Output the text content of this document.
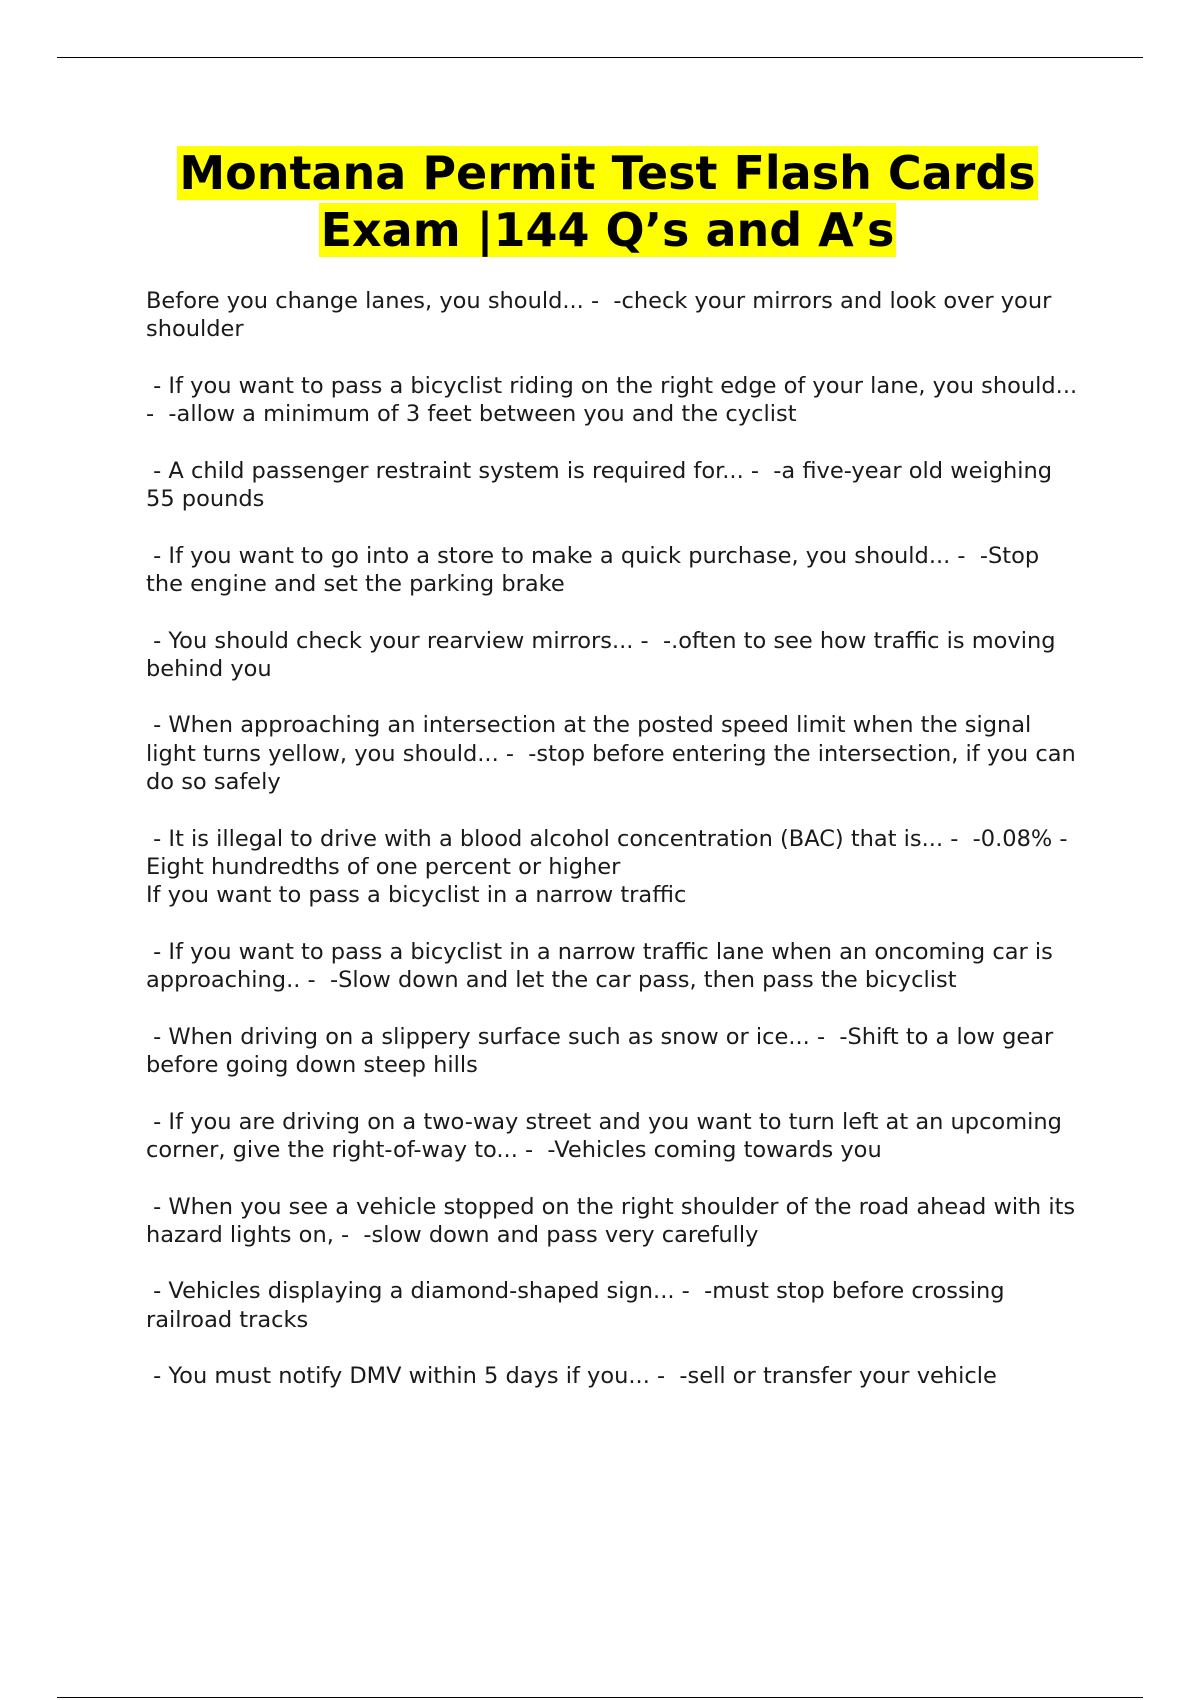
Montana Permit Test Flash Cards
Exam |144 Q’s and A’s
Before you change lanes, you should... -  -check your mirrors and look over your shoulder
- If you want to pass a bicyclist riding on the right edge of your lane, you should... -  -allow a minimum of 3 feet between you and the cyclist
- A child passenger restraint system is required for... -  -a five-year old weighing 55 pounds
- If you want to go into a store to make a quick purchase, you should... -  -Stop the engine and set the parking brake
- You should check your rearview mirrors... -  -.often to see how traffic is moving behind you
- When approaching an intersection at the posted speed limit when the signal light turns yellow, you should... -  -stop before entering the intersection, if you can do so safely
- It is illegal to drive with a blood alcohol concentration (BAC) that is... -  -0.08% - Eight hundredths of one percent or higher
If you want to pass a bicyclist in a narrow traffic
- If you want to pass a bicyclist in a narrow traffic lane when an oncoming car is approaching.. -  -Slow down and let the car pass, then pass the bicyclist
- When driving on a slippery surface such as snow or ice... -  -Shift to a low gear before going down steep hills
- If you are driving on a two-way street and you want to turn left at an upcoming corner, give the right-of-way to... -  -Vehicles coming towards you
- When you see a vehicle stopped on the right shoulder of the road ahead with its hazard lights on, -  -slow down and pass very carefully
- Vehicles displaying a diamond-shaped sign... -  -must stop before crossing railroad tracks
- You must notify DMV within 5 days if you... -  -sell or transfer your vehicle
